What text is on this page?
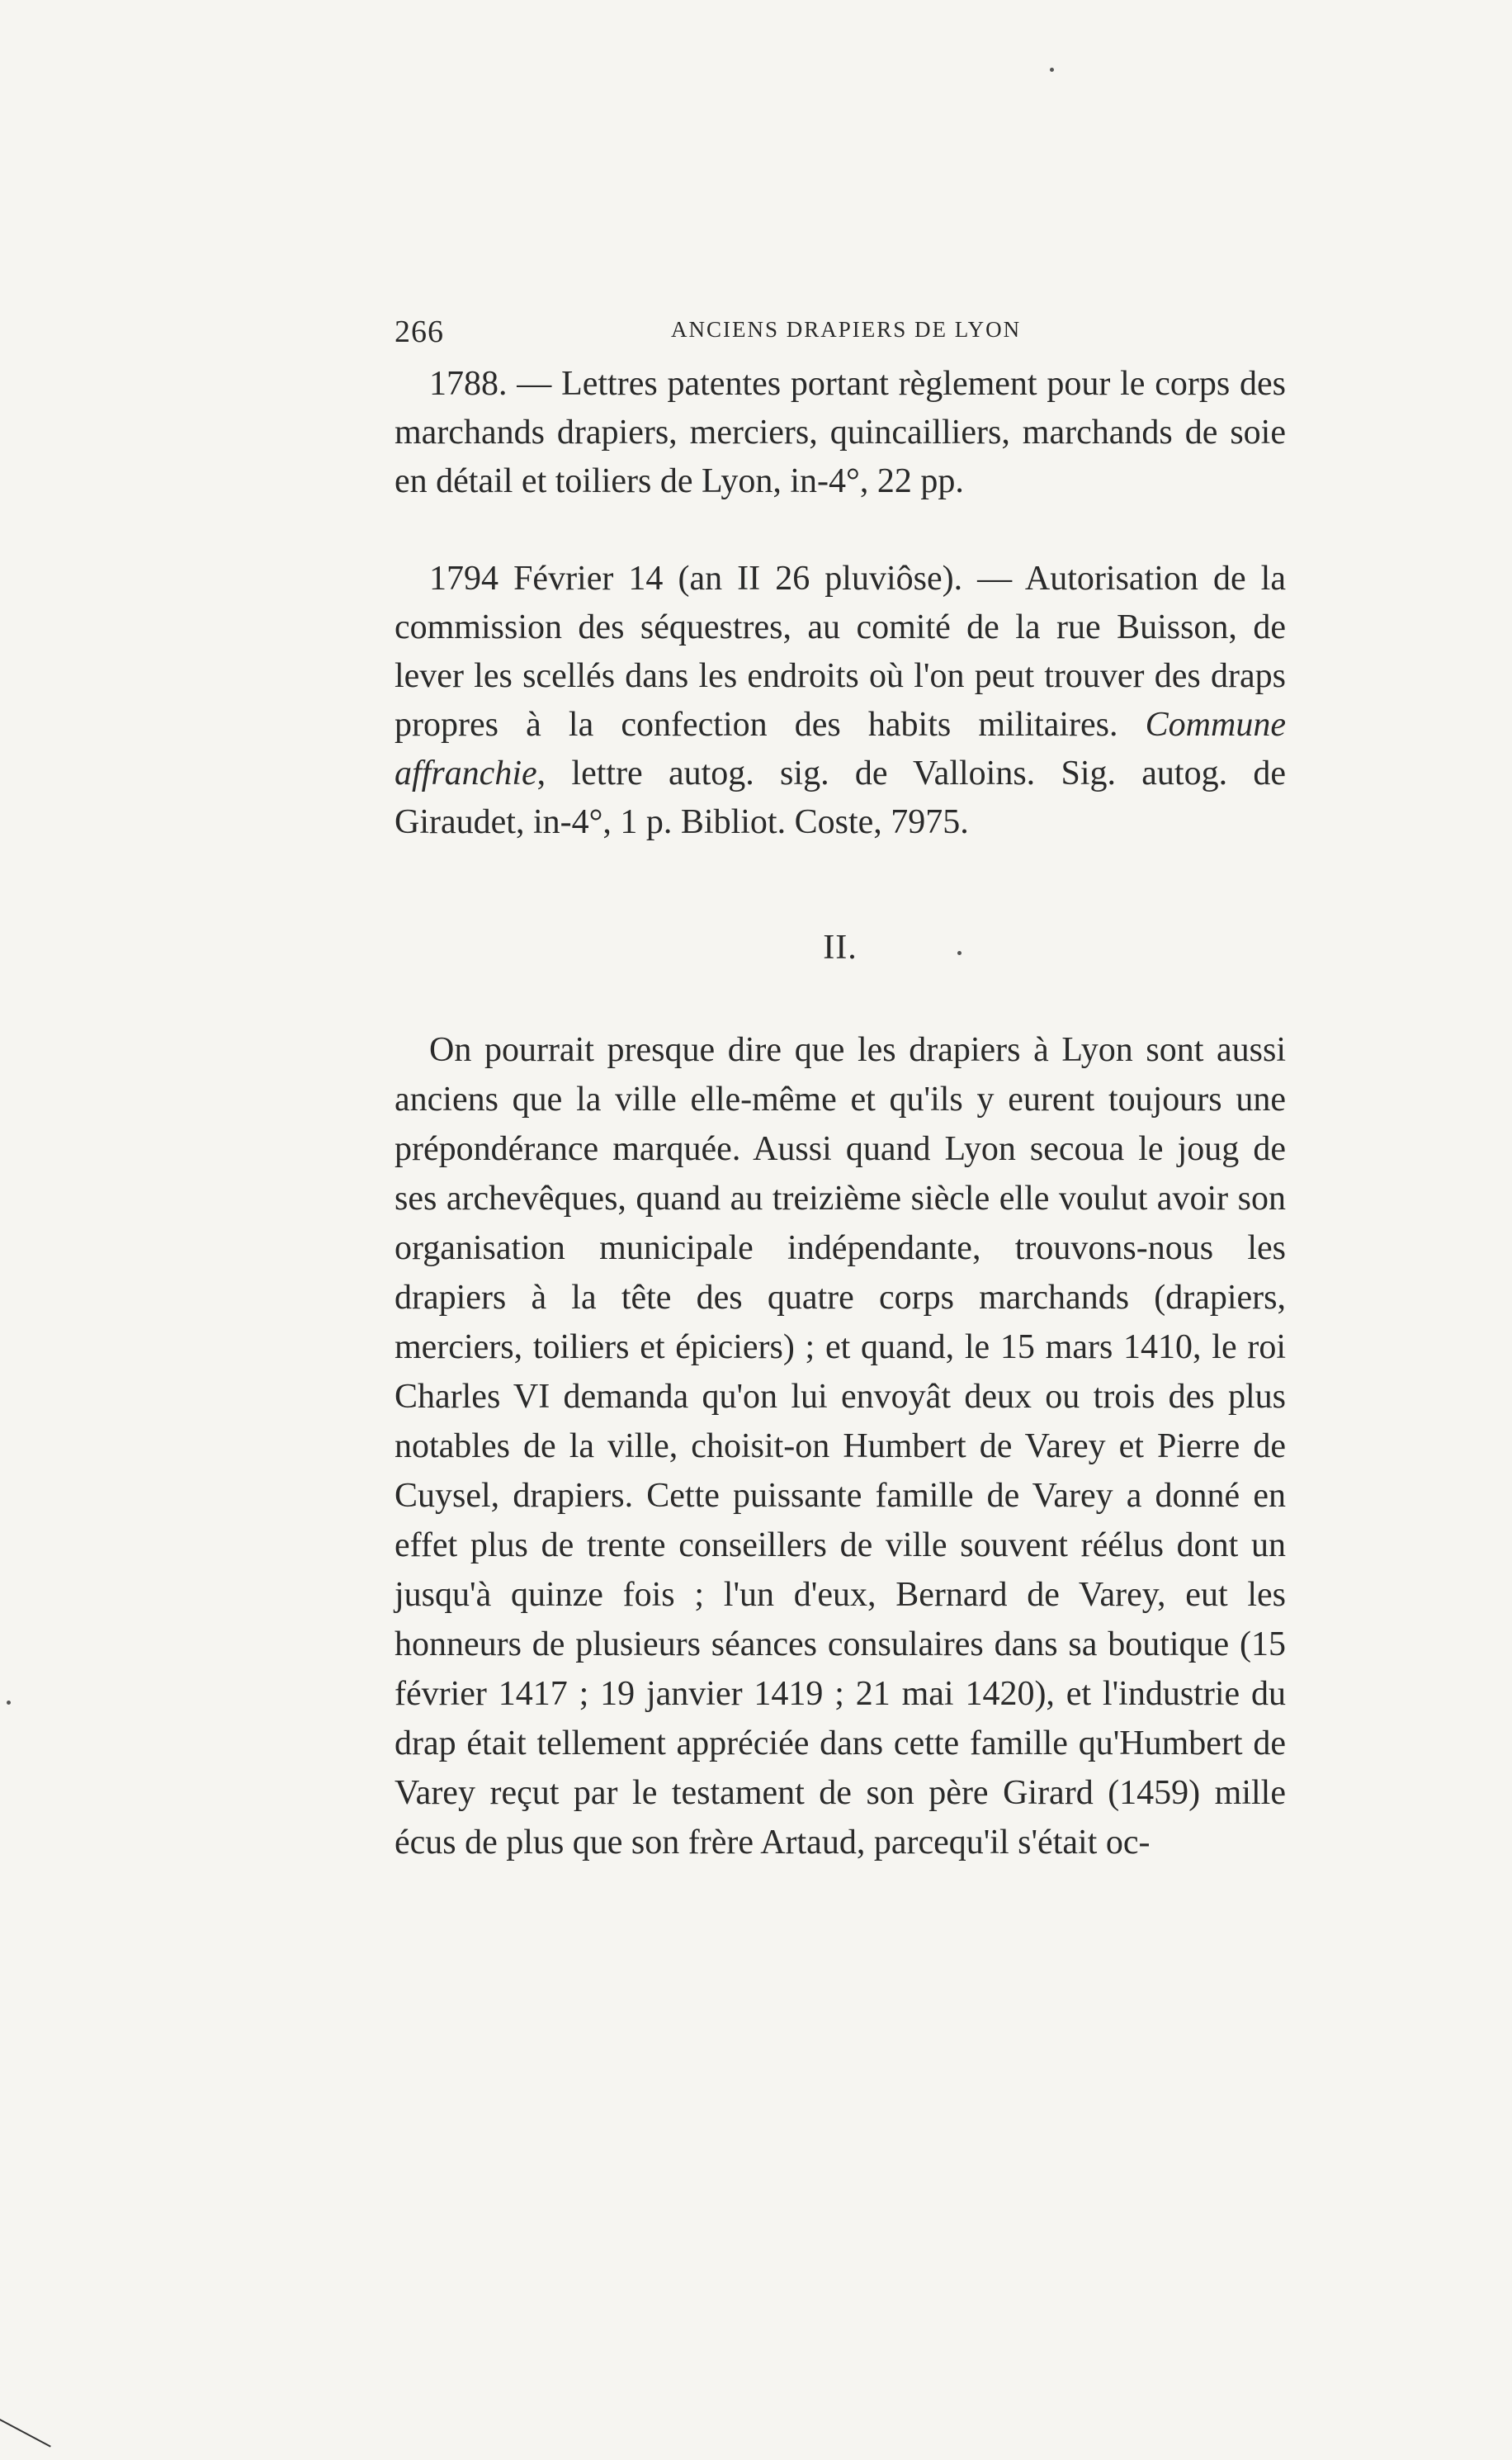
266	ANCIENS DRAPIERS DE LYON

1788. — Lettres patentes portant règlement pour le corps des marchands drapiers, merciers, quincailliers, marchands de soie en détail et toiliers de Lyon, in-4°, 22 pp.

1794 Février 14 (an II 26 pluviôse). — Autorisation de la commission des séquestres, au comité de la rue Buisson, de lever les scellés dans les endroits où l'on peut trouver des draps propres à la confection des habits militaires. Commune affranchie, lettre autog. sig. de Valloins. Sig. autog. de Giraudet, in-4°, 1 p. Bibliot. Coste, 7975.

II.

On pourrait presque dire que les drapiers à Lyon sont aussi anciens que la ville elle-même et qu'ils y eurent toujours une prépondérance marquée. Aussi quand Lyon secoua le joug de ses archevêques, quand au treizième siècle elle voulut avoir son organisation municipale indépendante, trouvons-nous les drapiers à la tête des quatre corps marchands (drapiers, merciers, toiliers et épiciers) ; et quand, le 15 mars 1410, le roi Charles VI demanda qu'on lui envoyât deux ou trois des plus notables de la ville, choisit-on Humbert de Varey et Pierre de Cuysel, drapiers. Cette puissante famille de Varey a donné en effet plus de trente conseillers de ville souvent réélus dont un jusqu'à quinze fois ; l'un d'eux, Bernard de Varey, eut les honneurs de plusieurs séances consulaires dans sa boutique (15 février 1417 ; 19 janvier 1419 ; 21 mai 1420), et l'industrie du drap était tellement appréciée dans cette famille qu'Humbert de Varey reçut par le testament de son père Girard (1459) mille écus de plus que son frère Artaud, parcequ'il s'était oc-
